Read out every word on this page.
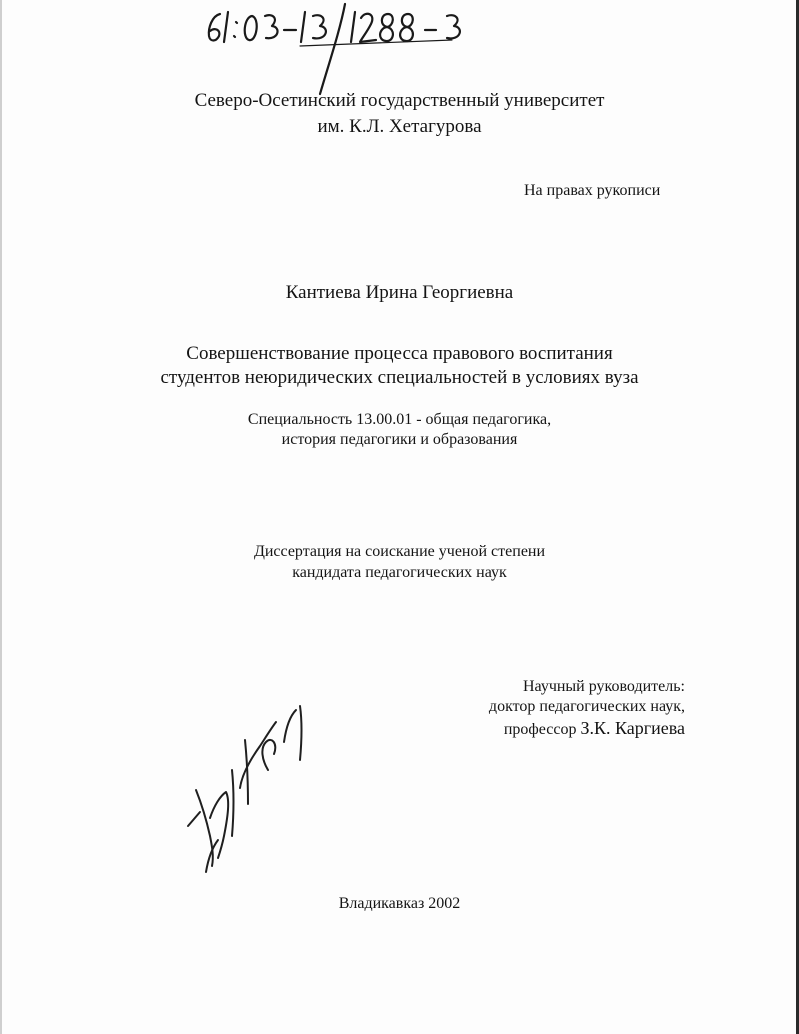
Северо-Осетинский государственный университет
им. К.Л. Хетагурова
На правах рукописи
Кантиева Ирина Георгиевна
Совершенствование процесса правового воспитания
студентов неюридических специальностей в условиях вуза
Специальность 13.00.01 - общая педагогика,
история педагогики и образования
Диссертация на соискание ученой степени
кандидата педагогических наук
Научный руководитель:
доктор педагогических наук,
профессор З.К. Каргиева
Владикавказ 2002
